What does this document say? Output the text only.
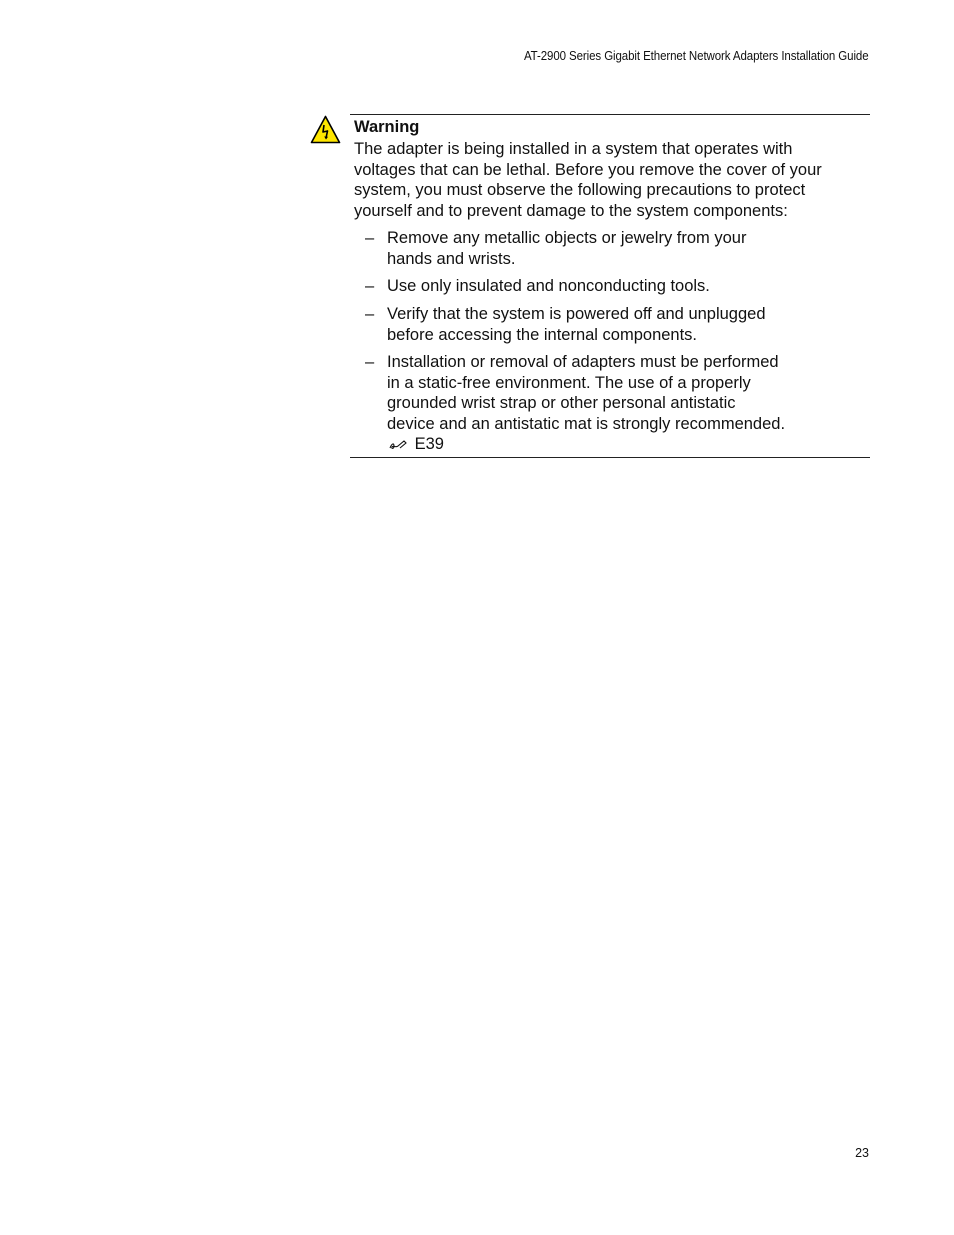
AT-2900 Series Gigabit Ethernet Network Adapters Installation Guide
Warning

The adapter is being installed in a system that operates with voltages that can be lethal. Before you remove the cover of your system, you must observe the following precautions to protect yourself and to prevent damage to the system components:

– Remove any metallic objects or jewelry from your hands and wrists.
– Use only insulated and nonconducting tools.
– Verify that the system is powered off and unplugged before accessing the internal components.
– Installation or removal of adapters must be performed in a static-free environment. The use of a properly grounded wrist strap or other personal antistatic device and an antistatic mat is strongly recommended.  E39
23
